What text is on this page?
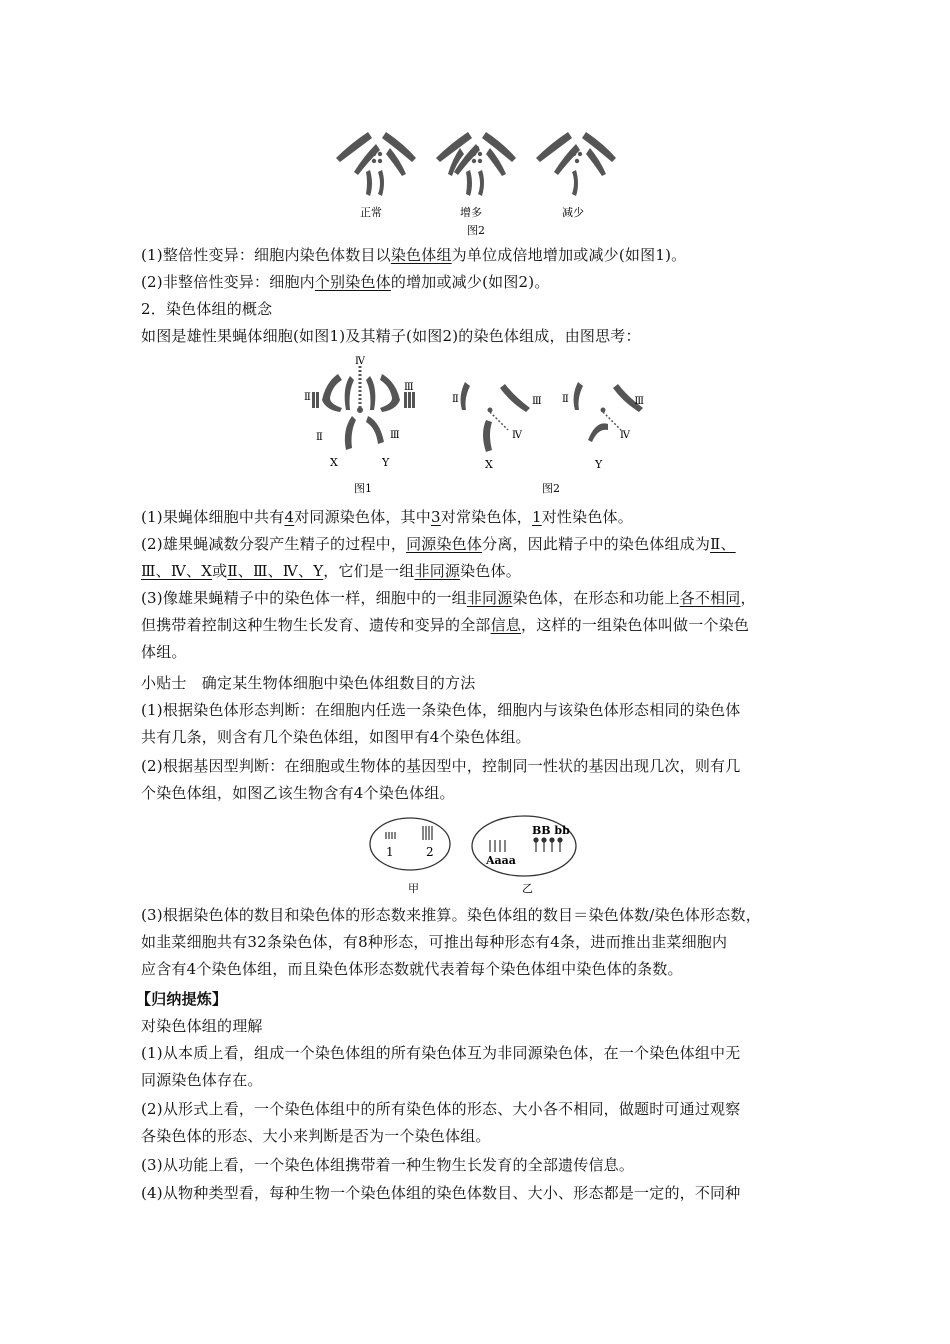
正常	增多	减少
图2
(1)整倍性变异：细胞内染色体数目以染色体组为单位成倍地增加或减少(如图1)。
(2)非整倍性变异：细胞内个别染色体的增加或减少(如图2)。
2．染色体组的概念
如图是雄性果蝇体细胞(如图1)及其精子(如图2)的染色体组成，由图思考：
Ⅳ
Ⅱ
Ⅲ
Ⅱ	Ⅲ
X	Y
Ⅱ	Ⅲ
Ⅳ
X
Ⅱ	Ⅲ
Ⅳ
Y
图1	图2
(1)果蝇体细胞中共有4对同源染色体，其中3对常染色体，1对性染色体。
(2)雄果蝇减数分裂产生精子的过程中，同源染色体分离，因此精子中的染色体组成为Ⅱ、
Ⅲ、Ⅳ、X或Ⅱ、Ⅲ、Ⅳ、Y，它们是一组非同源染色体。
(3)像雄果蝇精子中的染色体一样，细胞中的一组非同源染色体，在形态和功能上各不相同，
但携带着控制这种生物生长发育、遗传和变异的全部信息，这样的一组染色体叫做一个染色
体组。
小贴士　确定某生物体细胞中染色体组数目的方法
(1)根据染色体形态判断：在细胞内任选一条染色体，细胞内与该染色体形态相同的染色体
共有几条，则含有几个染色体组，如图甲有4个染色体组。
(2)根据基因型判断：在细胞或生物体的基因型中，控制同一性状的基因出现几次，则有几
个染色体组，如图乙该生物含有4个染色体组。
1	2
Aaaa
BB bb
甲	乙
(3)根据染色体的数目和染色体的形态数来推算。染色体组的数目＝染色体数/染色体形态数，
如韭菜细胞共有32条染色体，有8种形态，可推出每种形态有4条，进而推出韭菜细胞内
应含有4个染色体组，而且染色体形态数就代表着每个染色体组中染色体的条数。
【归纳提炼】
对染色体组的理解
(1)从本质上看，组成一个染色体组的所有染色体互为非同源染色体，在一个染色体组中无
同源染色体存在。
(2)从形式上看，一个染色体组中的所有染色体的形态、大小各不相同，做题时可通过观察
各染色体的形态、大小来判断是否为一个染色体组。
(3)从功能上看，一个染色体组携带着一种生物生长发育的全部遗传信息。
(4)从物种类型看，每种生物一个染色体组的染色体数目、大小、形态都是一定的，不同种
